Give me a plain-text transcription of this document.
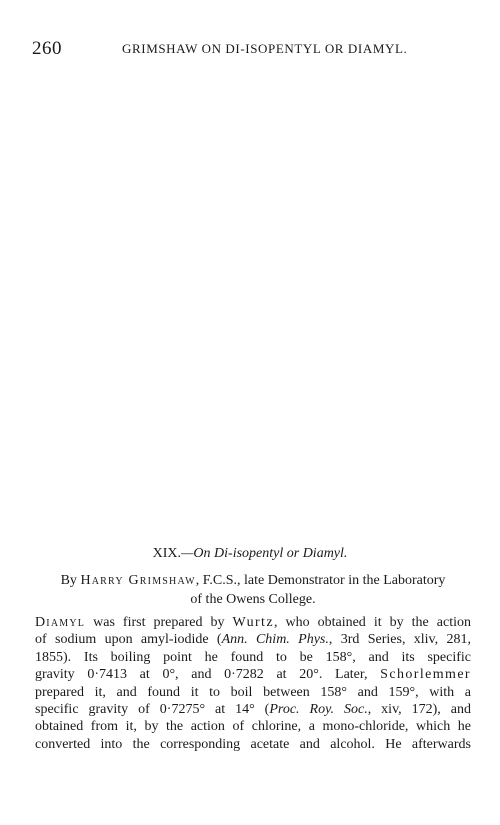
260	GRIMSHAW ON DI-ISOPENTYL OR DIAMYL.
XIX.—On Di-isopentyl or Diamyl.
By Harry Grimshaw, F.C.S., late Demonstrator in the Laboratory
of the Owens College.
Diamyl was first prepared by Wurtz, who obtained it by the action
of sodium upon amyl-iodide (Ann. Chim. Phys., 3rd Series, xliv, 281,
1855). Its boiling point he found to be 158°, and its specific
gravity 0·7413 at 0°, and 0·7282 at 20°. Later, Schorlemmer
prepared it, and found it to boil between 158° and 159°, with a
specific gravity of 0·7275° at 14° (Proc. Roy. Soc., xiv, 172), and
obtained from it, by the action of chlorine, a mono-chloride, which he
converted into the corresponding acetate and alcohol. He afterwards
